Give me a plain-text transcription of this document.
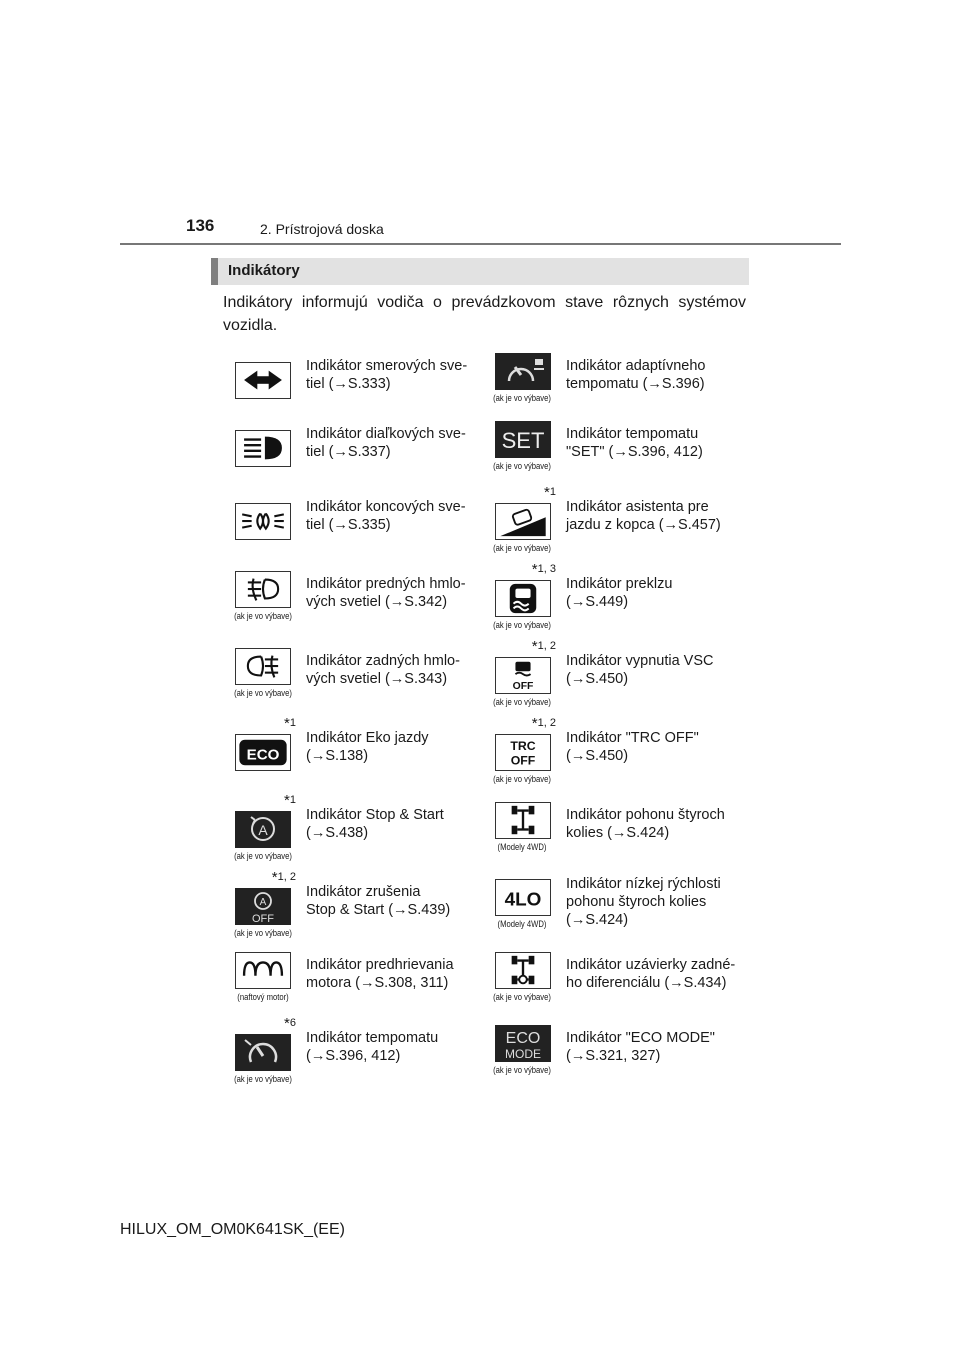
136	2. Prístrojová doska
Indikátory
Indikátory informujú vodiča o prevádzkovom stave rôznych systémov vozidla.
Indikátor smerových sve-
tiel (→S.333)
(ak je vo výbave)
Indikátor adaptívneho
tempomatu (→S.396)
Indikátor diaľkových sve-
tiel (→S.337)	SET
(ak je vo výbave)
Indikátor tempomatu
"SET" (→S.396, 412)
Indikátor koncových sve-
tiel (→S.335)
(ak je vo výbave)
*1
Indikátor asistenta pre
jazdu z kopca (→S.457)
(ak je vo výbave)
Indikátor predných hmlo-
vých svetiel (→S.342)
(ak je vo výbave)
*1, 3
Indikátor preklzu
(→S.449)
(ak je vo výbave)
Indikátor zadných hmlo-
vých svetiel (→S.343)	OFF
(ak je vo výbave)
*1, 2
Indikátor vypnutia VSC
(→S.450)
ECO
*1
Indikátor Eko jazdy
(→S.138)
TRC
OFF
(ak je vo výbave)
*1, 2
Indikátor "TRC OFF"
(→S.450)
A
(ak je vo výbave)
*1
Indikátor Stop & Start
(→S.438)
(Modely 4WD)
Indikátor pohonu štyroch
kolies (→S.424)
A
OFF
(ak je vo výbave)
*1, 2
Indikátor zrušenia
Stop & Start (→S.439)	4LO
(Modely 4WD)
Indikátor nízkej rýchlosti
pohonu štyroch kolies
(→S.424)
(naftový motor)
Indikátor predhrievania
motora (→S.308, 311)
(ak je vo výbave)
Indikátor uzávierky zadné-
ho diferenciálu (→S.434)
(ak je vo výbave)
*6
Indikátor tempomatu
(→S.396, 412)
ECO
MODE
(ak je vo výbave)
Indikátor "ECO MODE"
(→S.321, 327)
HILUX_OM_OM0K641SK_(EE)
